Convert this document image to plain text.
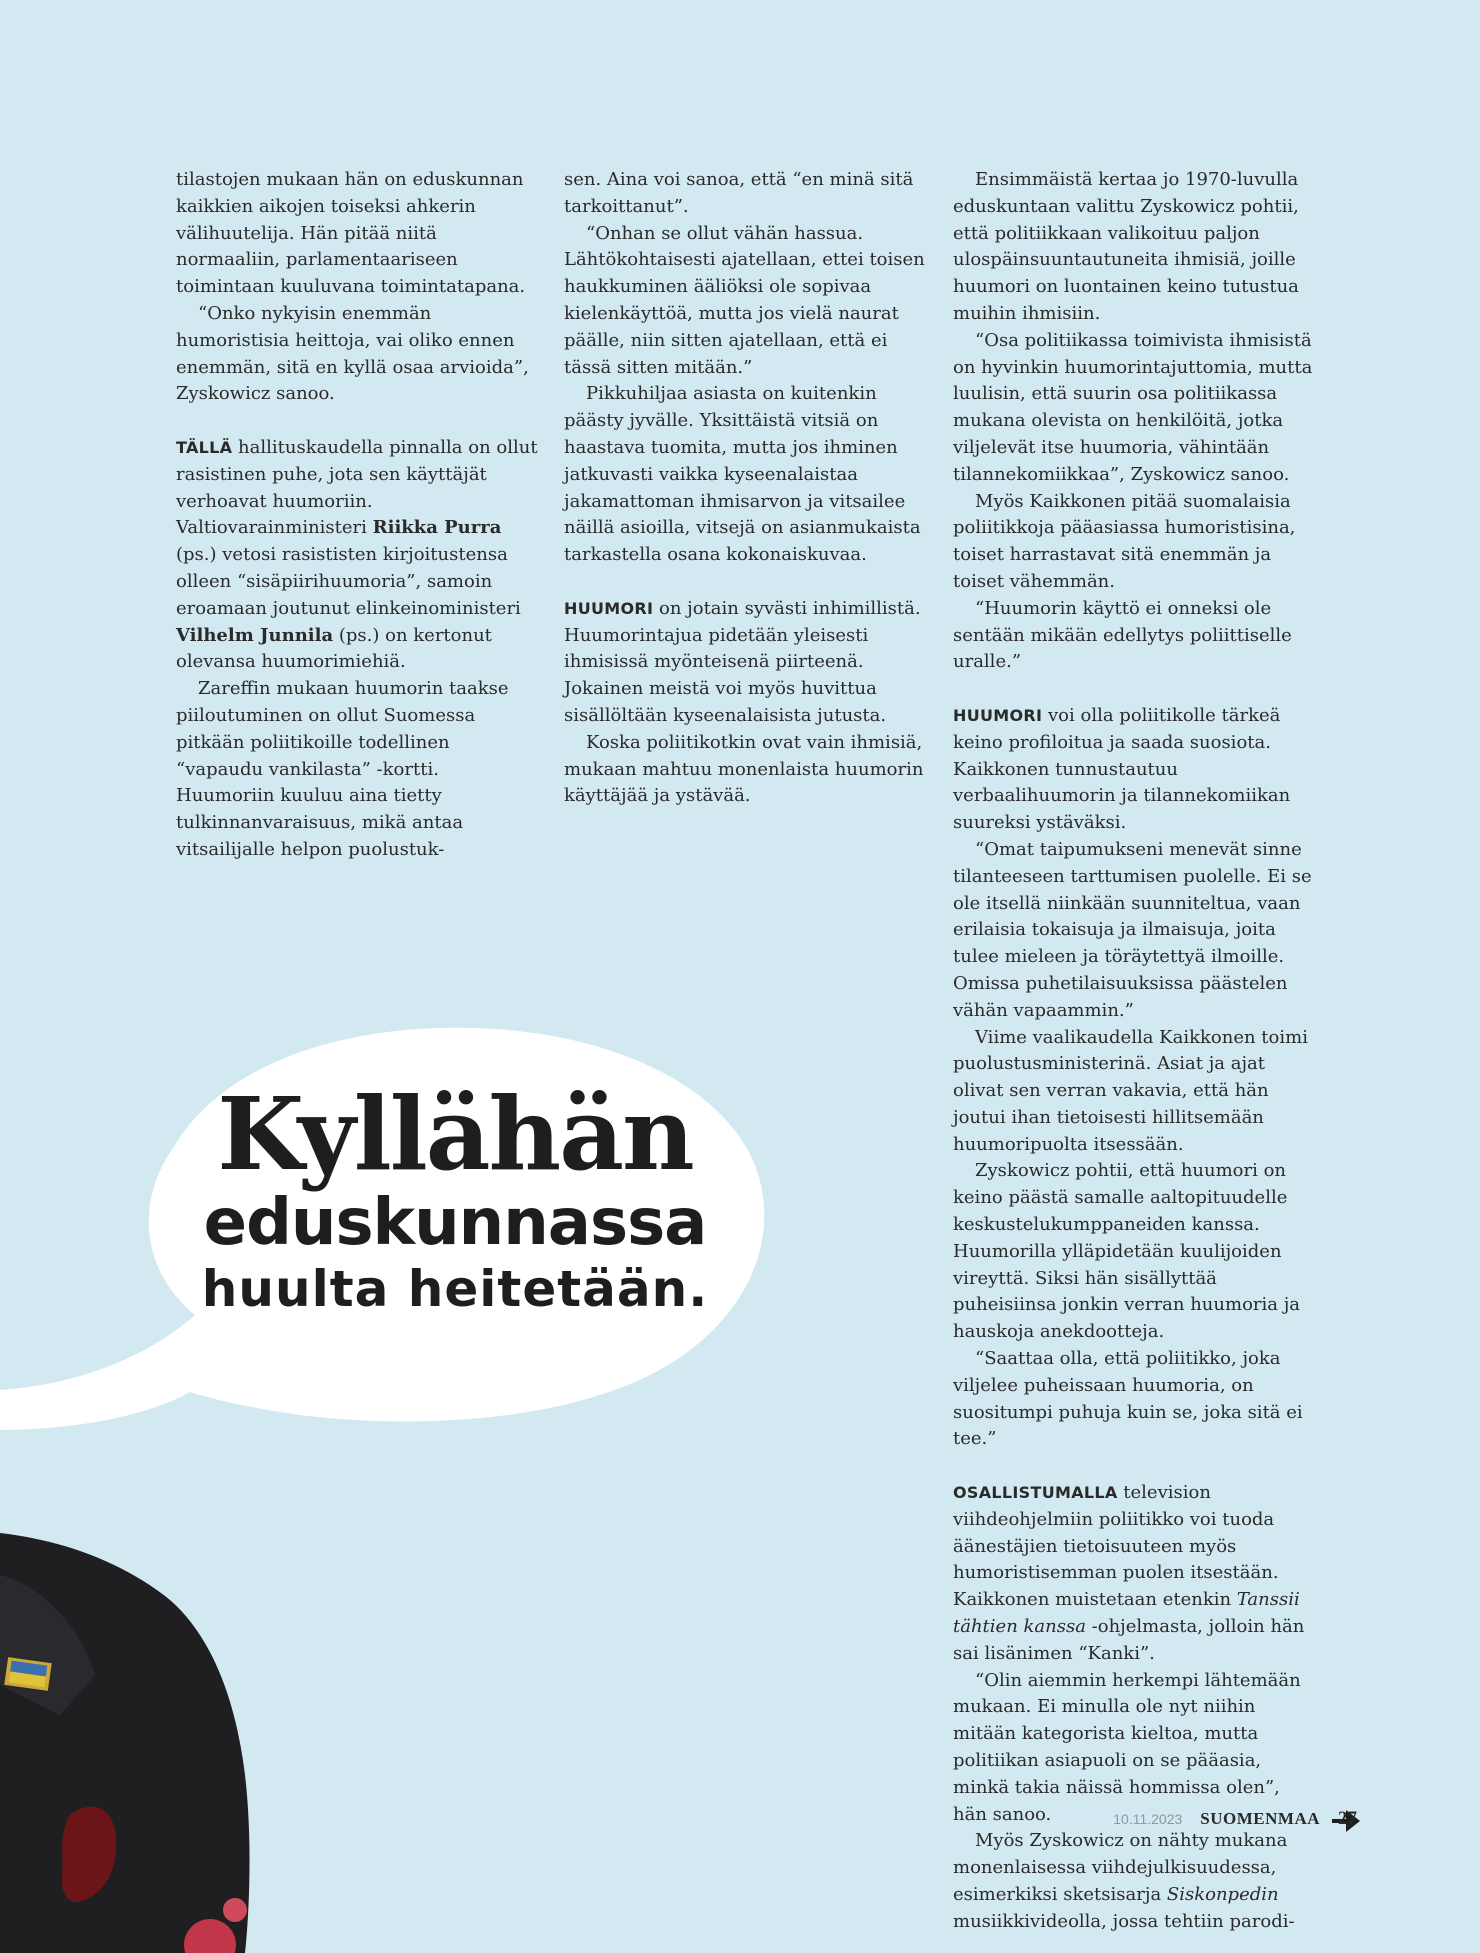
tilastojen mukaan hän on eduskunnan kaikkien aikojen toiseksi ahkerin välihuutelija. Hän pitää niitä normaaliin, parlamentaariseen toimintaan kuuluvana toimintatapana.

“Onko nykyisin enemmän humoristisia heittoja, vai oliko ennen enemmän, sitä en kyllä osaa arvioida”, Zyskowicz sanoo.

TÄLLÄ hallituskaudella pinnalla on ollut rasistinen puhe, jota sen käyttäjät verhoavat huumoriin. Valtiovarainministeri Riikka Purra (ps.) vetosi rasististen kirjoitustensa olleen “sisäpiirihuumoria”, samoin eroamaan joutunut elinkeinoministeri Vilhelm Junnila (ps.) on kertonut olevansa huumorimiehiä.

Zareffin mukaan huumorin taakse piiloutuminen on ollut Suomessa pitkään poliitikoille todellinen “vapaudu vankilasta” -kortti. Huumoriin kuuluu aina tietty tulkinnanvaraisuus, mikä antaa vitsailijalle helpon puolustuk-

sen. Aina voi sanoa, että “en minä sitä tarkoittanut”.

“Onhan se ollut vähän hassua. Lähtökohtaisesti ajatellaan, ettei toisen haukkuminen ääliöksi ole sopivaa kielenkäyttöä, mutta jos vielä naurat päälle, niin sitten ajatellaan, että ei tässä sitten mitään.”

Pikkuhiljaa asiasta on kuitenkin päästy jyvälle. Yksittäistä vitsiä on haastava tuomita, mutta jos ihminen jatkuvasti vaikka kyseenalaistaa jakamattoman ihmisarvon ja vitsailee näillä asioilla, vitsejä on asianmukaista tarkastella osana kokonaiskuvaa.

HUUMORI on jotain syvästi inhimillistä. Huumorintajua pidetään yleisesti ihmisissä myönteisenä piirteenä. Jokainen meistä voi myös huvittua sisällöltään kyseenalaisista jutusta.

Koska poliitikotkin ovat vain ihmisiä, mukaan mahtuu monenlaista huumorin käyttäjää ja ystävää.

Ensimmäistä kertaa jo 1970-luvulla eduskuntaan valittu Zyskowicz pohtii, että politiikkaan valikoituu paljon ulospäinsuuntautuneita ihmisiä, joille huumori on luontainen keino tutustua muihin ihmisiin.

“Osa politiikassa toimivista ihmisistä on hyvinkin huumorintajuttomia, mutta luulisin, että suurin osa politiikassa mukana olevista on henkilöitä, jotka viljelevät itse huumoria, vähintään tilannekomiikkaa”, Zyskowicz sanoo.

Myös Kaikkonen pitää suomalaisia poliitikkoja pääasiassa humoristisina, toiset harrastavat sitä enemmän ja toiset vähemmän.

“Huumorin käyttö ei onneksi ole sentään mikään edellytys poliittiselle uralle.”

HUUMORI voi olla poliitikolle tärkeä keino profiloitua ja saada suosiota. Kaikkonen tunnustautuu verbaalihuumorin ja tilannekomiikan suureksi ystäväksi.

“Omat taipumukseni menevät sinne tilanteeseen tarttumisen puolelle. Ei se ole itsellä niinkään suunniteltua, vaan erilaisia tokaisuja ja ilmaisuja, joita tulee mieleen ja töräytettyä ilmoille. Omissa puhetilaisuuksissa päästelen vähän vapaammin.”

Viime vaalikaudella Kaikkonen toimi puolustusministerinä. Asiat ja ajat olivat sen verran vakavia, että hän joutui ihan tietoisesti hillitsemään huumoripuolta itsessään.

Zyskowicz pohtii, että huumori on keino päästä samalle aaltopituudelle keskustelukumppaneiden kanssa. Huumorilla ylläpidetään kuulijoiden vireyttä. Siksi hän sisällyttää puheisiinsa jonkin verran huumoria ja hauskoja anekdootteja.

“Saattaa olla, että poliitikko, joka viljelee puheissaan huumoria, on suositumpi puhuja kuin se, joka sitä ei tee.”

OSALLISTUMALLA television viihdeohjelmiin poliitikko voi tuoda äänestäjien tietoisuuteen myös humoristisemman puolen itsestään. Kaikkonen muistetaan etenkin Tanssii tähtien kanssa -ohjelmasta, jolloin hän sai lisänimen “Kanki”.

“Olin aiemmin herkempi lähtemään mukaan. Ei minulla ole nyt niihin mitään kategorista kieltoa, mutta politiikan asiapuoli on se pääasia, minkä takia näissä hommissa olen”, hän sanoo.

Myös Zyskowicz on nähty mukana monenlaisessa viihdejulkisuudessa, esimerkiksi sketsisarja Siskonpedin musiikkivideolla, jossa tehtiin parodi-

Kyllähän
eduskunnassa
huulta heitetään.
10.11.2023 SUOMENMAA 27
